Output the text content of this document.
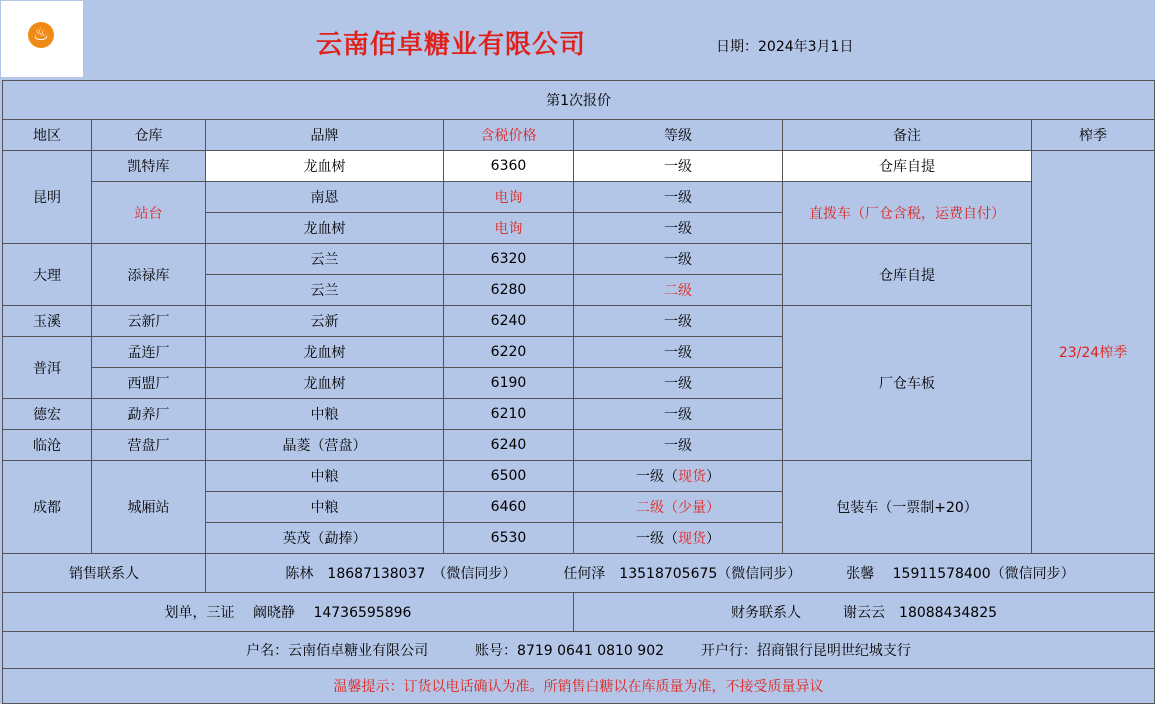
♨	云南佰卓糖业有限公司	日期：2024年3月1日
第1次报价						
地区	仓库	品牌	含税价格	等级	备注	榨季
昆明	凯特库	龙血树	6360	一级	仓库自提	23/24榨季
	站台	南恩	电询	一级	直拨车（厂仓含税，运费自付）	
		龙血树	电询	一级		
大理	添禄库	云兰	6320	一级	仓库自提	
		云兰	6280	二级		
玉溪	云新厂	云新	6240	一级	厂仓车板	
普洱	孟连厂	龙血树	6220	一级		
	西盟厂	龙血树	6190	一级		
德宏	勐养厂	中粮	6210	一级		
临沧	营盘厂	晶菱（营盘）	6240	一级		
成都	城厢站	中粮	6500	一级（现货）	包装车（一票制+20）	
		中粮	6460	二级（少量）		
		英茂（勐捧）	6530	一级（现货）		
销售联系人		陈林　18687138037　（微信同步） 任何泽　13518705675（微信同步） 张馨　 15911578400（微信同步）				
划单，三证　 阚晓静　 14736595896				财务联系人　　　谢云云　18088434825		
户名：云南佰卓糖业有限公司 账号：8719 0641 0810 902 开户行：招商银行昆明世纪城支行						
温馨提示：订货以电话确认为准。所销售白糖以在库质量为准，不接受质量异议						
